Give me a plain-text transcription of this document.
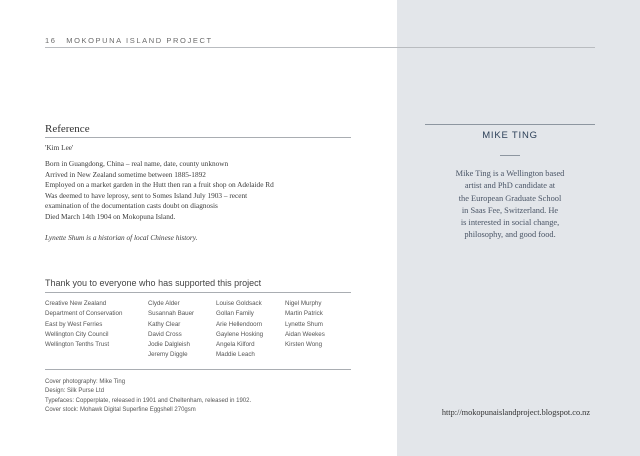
16 MOKOPUNA ISLAND PROJECT
Reference
'Kim Lee'
Born in Guangdong, China – real name, date, county unknown
Arrived in New Zealand sometime between 1885-1892
Employed on a market garden in the Hutt then ran a fruit shop on Adelaide Rd
Was deemed to have leprosy, sent to Somes Island July 1903 – recent
examination of the documentation casts doubt on diagnosis
Died March 14th 1904 on Mokopuna Island.
Lynette Shum is a historian of local Chinese history.
Thank you to everyone who has supported this project
Creative New Zealand
Department of Conservation
East by West Ferries
Wellington City Council
Wellington Tenths Trust
Clyde Alder
Susannah Bauer
Kathy Clear
David Cross
Jodie Dalgleish
Jeremy Diggle
Louise Goldsack
Gollan Family
Arie Hellendoorn
Gaylene Hosking
Angela Kilford
Maddie Leach
Nigel Murphy
Martin Patrick
Lynette Shum
Aidan Weekes
Kirsten Wong
Cover photography: Mike Ting
Design: Silk Purse Ltd
Typefaces: Copperplate, released in 1901 and Cheltenham, released in 1902.
Cover stock: Mohawk Digital Superfine Eggshell 270gsm
MIKE TING
Mike Ting is a Wellington based
artist and PhD candidate at
the European Graduate School
in Saas Fee, Switzerland. He
is interested in social change,
philosophy, and good food.
http://mokopunaislandproject.blogspot.co.nz
